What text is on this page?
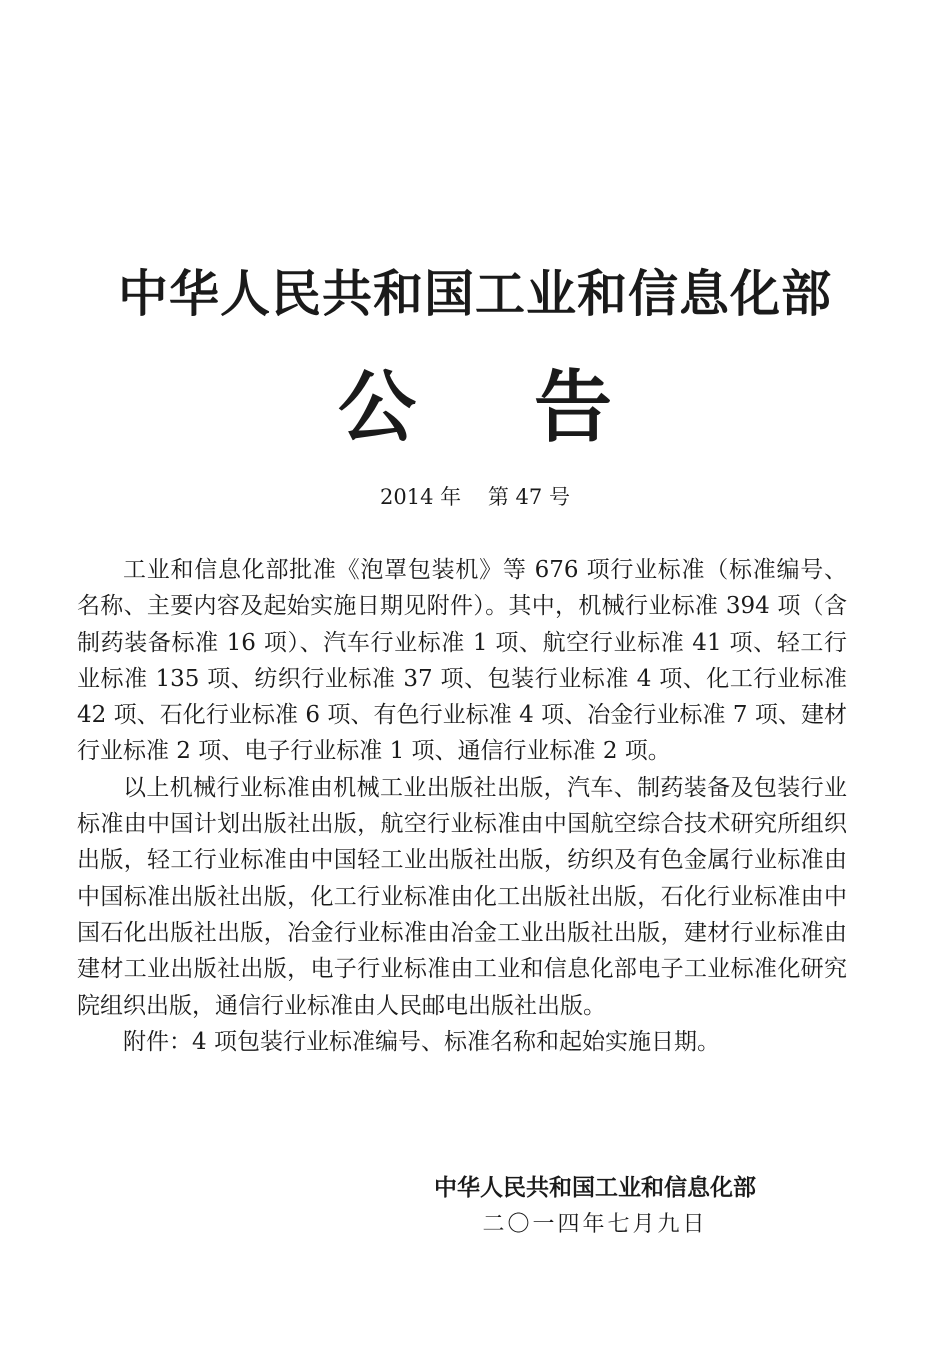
中华人民共和国工业和信息化部
公 告
2014 年    第 47 号

工业和信息化部批准《泡罩包装机》等 676 项行业标准（标准编号、名称、主要内容及起始实施日期见附件）。其中，机械行业标准 394 项（含制药装备标准 16 项）、汽车行业标准 1 项、航空行业标准 41 项、轻工行业标准 135 项、纺织行业标准 37 项、包装行业标准 4 项、化工行业标准 42 项、石化行业标准 6 项、有色行业标准 4 项、冶金行业标准 7 项、建材行业标准 2 项、电子行业标准 1 项、通信行业标准 2 项。

以上机械行业标准由机械工业出版社出版，汽车、制药装备及包装行业标准由中国计划出版社出版，航空行业标准由中国航空综合技术研究所组织出版，轻工行业标准由中国轻工业出版社出版，纺织及有色金属行业标准由中国标准出版社出版，化工行业标准由化工出版社出版，石化行业标准由中国石化出版社出版，冶金行业标准由冶金工业出版社出版，建材行业标准由建材工业出版社出版，电子行业标准由工业和信息化部电子工业标准化研究院组织出版，通信行业标准由人民邮电出版社出版。

附件：4 项包装行业标准编号、标准名称和起始实施日期。

中华人民共和国工业和信息化部
二〇一四年七月九日
